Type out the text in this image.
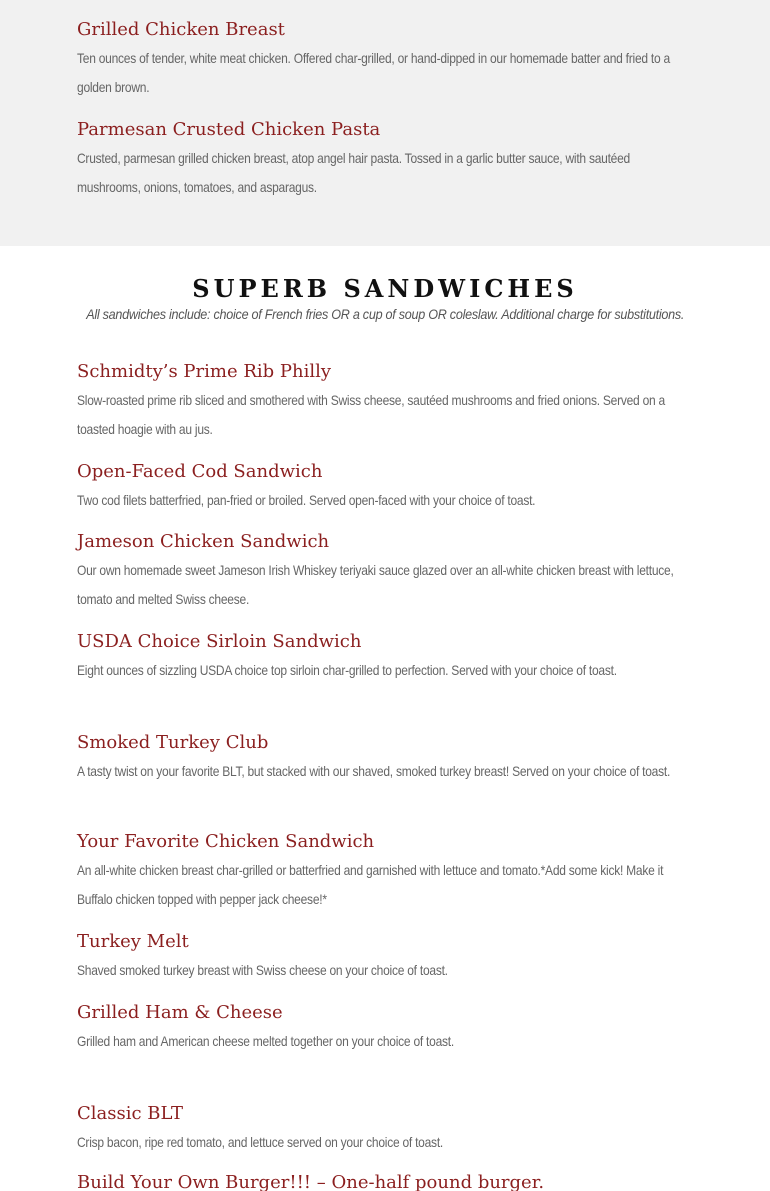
Grilled Chicken Breast

Ten ounces of tender, white meat chicken. Offered char-grilled, or hand-dipped in our homemade batter and fried to a golden brown.

Parmesan Crusted Chicken Pasta

Crusted, parmesan grilled chicken breast, atop angel hair pasta. Tossed in a garlic butter sauce, with sautéed mushrooms, onions, tomatoes, and asparagus.

SUPERB SANDWICHES

All sandwiches include: choice of French fries OR a cup of soup OR coleslaw. Additional charge for substitutions.

Schmidty’s Prime Rib Philly

Slow-roasted prime rib sliced and smothered with Swiss cheese, sautéed mushrooms and fried onions. Served on a toasted hoagie with au jus.

Open-Faced Cod Sandwich

Two cod filets batterfried, pan-fried or broiled. Served open-faced with your choice of toast.

Jameson Chicken Sandwich

Our own homemade sweet Jameson Irish Whiskey teriyaki sauce glazed over an all-white chicken breast with lettuce, tomato and melted Swiss cheese.

USDA Choice Sirloin Sandwich

Eight ounces of sizzling USDA choice top sirloin char-grilled to perfection. Served with your choice of toast.

Smoked Turkey Club

A tasty twist on your favorite BLT, but stacked with our shaved, smoked turkey breast! Served on your choice of toast.

Your Favorite Chicken Sandwich

An all-white chicken breast char-grilled or batterfried and garnished with lettuce and tomato.*Add some kick! Make it Buffalo chicken topped with pepper jack cheese!*

Turkey Melt

Shaved smoked turkey breast with Swiss cheese on your choice of toast.

Grilled Ham & Cheese

Grilled ham and American cheese melted together on your choice of toast.

Classic BLT

Crisp bacon, ripe red tomato, and lettuce served on your choice of toast.

Build Your Own Burger!!! – One-half pound burger.
